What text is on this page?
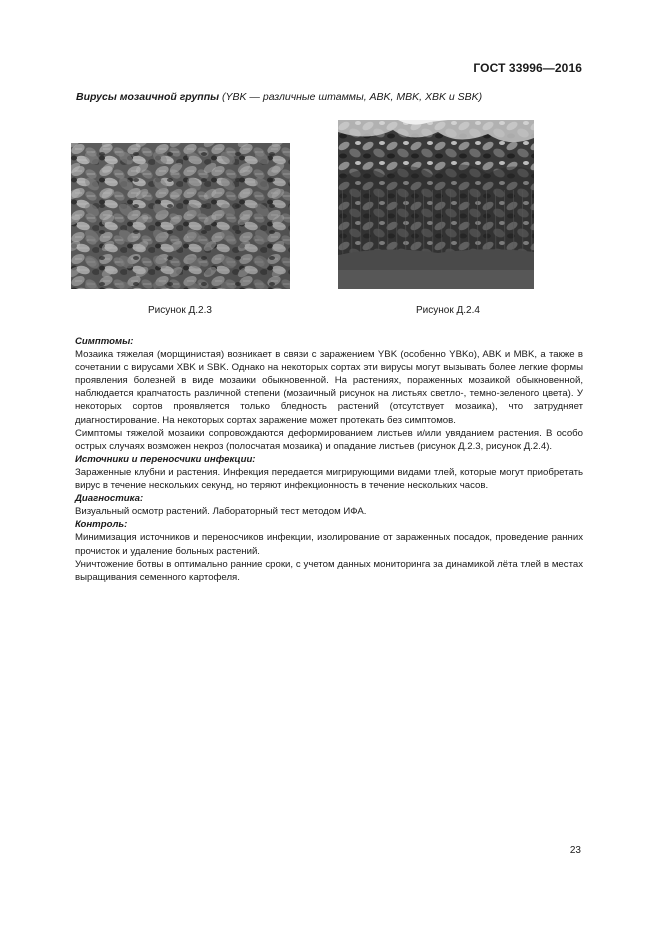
ГОСТ 33996—2016
Вирусы мозаичной группы (YBK — различные штаммы, ABK, MBK, XBK и SBK)
Рисунок Д.2.3	Рисунок Д.2.4

Симптомы:

Мозаика тяжелая (морщинистая) возникает в связи с заражением YBK (особенно YBKo), ABK и MBK, а также в сочетании с вирусами XBK и SBK. Однако на некоторых сортах эти вирусы могут вызывать более легкие формы проявления болезней в виде мозаики обыкновенной. На растениях, пораженных мозаикой обыкновенной, наблюдается крапчатость различной степени (мозаичный рисунок на листьях светло-, темно-зеленого цвета). У некоторых сортов проявляется только бледность растений (отсутствует мозаика), что затрудняет диагностирование. На некоторых сортах заражение может протекать без симптомов.

Симптомы тяжелой мозаики сопровождаются деформированием листьев и/или увяданием растения. В особо острых случаях возможен некроз (полосчатая мозаика) и опадание листьев (рисунок Д.2.3, рисунок Д.2.4).

Источники и переносчики инфекции:

Зараженные клубни и растения. Инфекция передается мигрирующими видами тлей, которые могут приобретать вирус в течение нескольких секунд, но теряют инфекционность в течение нескольких часов.

Диагностика:

Визуальный осмотр растений. Лабораторный тест методом ИФА.

Контроль:

Минимизация источников и переносчиков инфекции, изолирование от зараженных посадок, проведение ранних прочисток и удаление больных растений.

Уничтожение ботвы в оптимально ранние сроки, с учетом данных мониторинга за динамикой лёта тлей в местах выращивания семенного картофеля.

23
